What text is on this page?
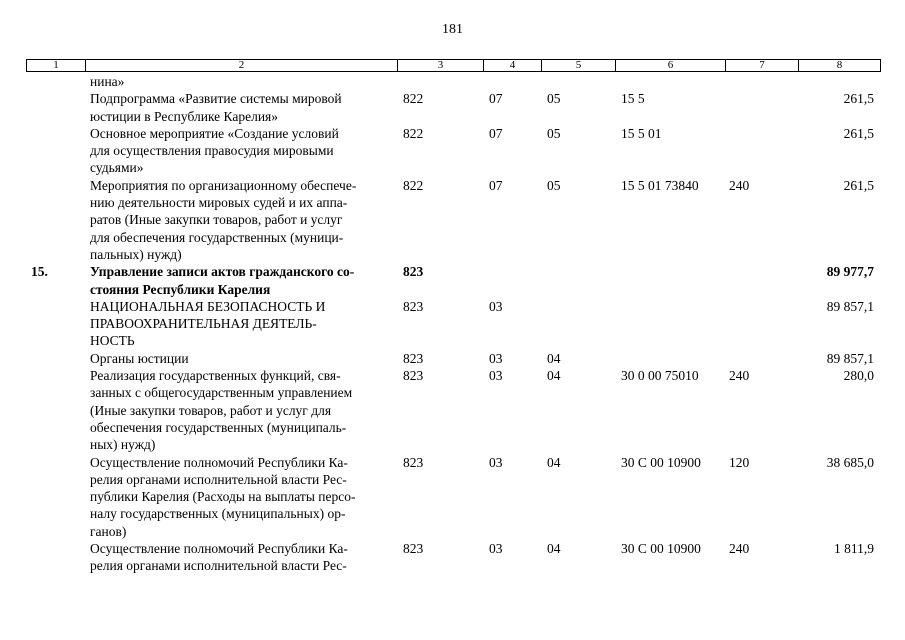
181
1	2	3	4	5	6	7	8
нина»
Подпрограмма «Развитие системы мировой
юстиции в Республике Карелия»
822	07	05	15 5	261,5
Основное мероприятие «Создание условий
для осуществления правосудия мировыми
судьями»
822	07	05	15 5 01	261,5
Мероприятия по организационному обеспече-
нию деятельности мировых судей и их аппа-
ратов (Иные закупки товаров, работ и услуг
для обеспечения государственных (муници-
пальных) нужд)
822	07	05	15 5 01 73840 240	261,5
Управление записи актов гражданского со-
стояния Республики Карелия
15.	823	89 977,7
НАЦИОНАЛЬНАЯ БЕЗОПАСНОСТЬ И
ПРАВООХРАНИТЕЛЬНАЯ ДЕЯТЕЛЬ-
НОСТЬ
823	03	89 857,1
Органы юстиции	823	03	04	89 857,1
Реализация государственных функций, свя-
занных с общегосударственным управлением
(Иные закупки товаров, работ и услуг для
обеспечения государственных (муниципаль-
ных) нужд)
823	03	04	30 0 00 75010 240	280,0
Осуществление полномочий Республики Ка-
релия органами исполнительной власти Рес-
публики Карелия (Расходы на выплаты персо-
налу государственных (муниципальных) ор-
ганов)
823	03	04	30 С 00 10900 120	38 685,0
Осуществление полномочий Республики Ка-
релия органами исполнительной власти Рес-
823	03	04	30 С 00 10900 240	1 811,9
